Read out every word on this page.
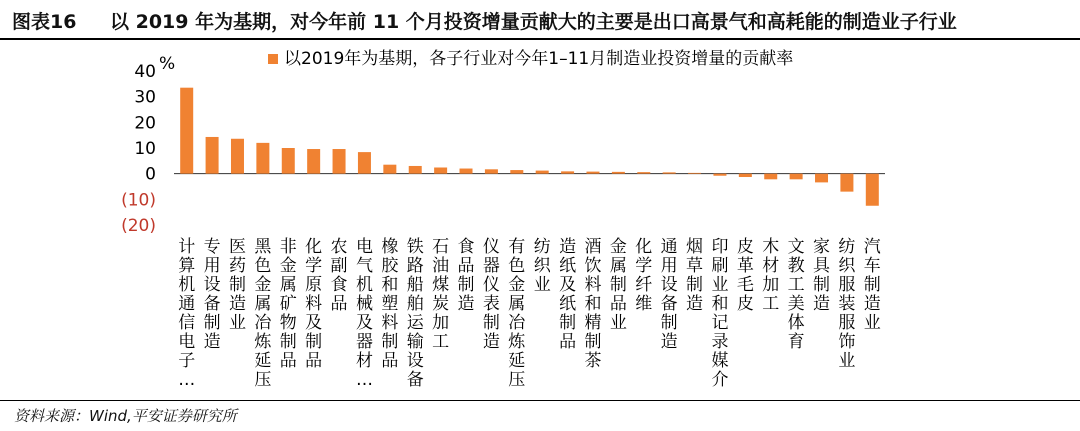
图表16 以 2019 年为基期，对今年前 11 个月投资增量贡献大的主要是出口高景气和高耗能的制造业子行业
40
30
20
10
0
(10)
(20)
%
计算机通信电子…
专用设备制造
医药制造业
黑色金属冶炼延压
非金属矿物制品
化学原料及制品
农副食品
电气机械及器材…
橡胶和塑料制品
铁路船舶运输设备
石油煤炭加工
食品制造
仪器仪表制造
有色金属冶炼延压
纺织业
造纸及纸制品
酒饮料和精制茶
金属制品业
化学纤维
通用设备制造
烟草制造
印刷业和记录媒介
皮革毛皮
木材加工
文教工美体育
家具制造
纺织服装服饰业
汽车制造业
以2019年为基期，各子行业对今年1–11月制造业投资增量的贡献率
资料来源：Wind,平安证券研究所
